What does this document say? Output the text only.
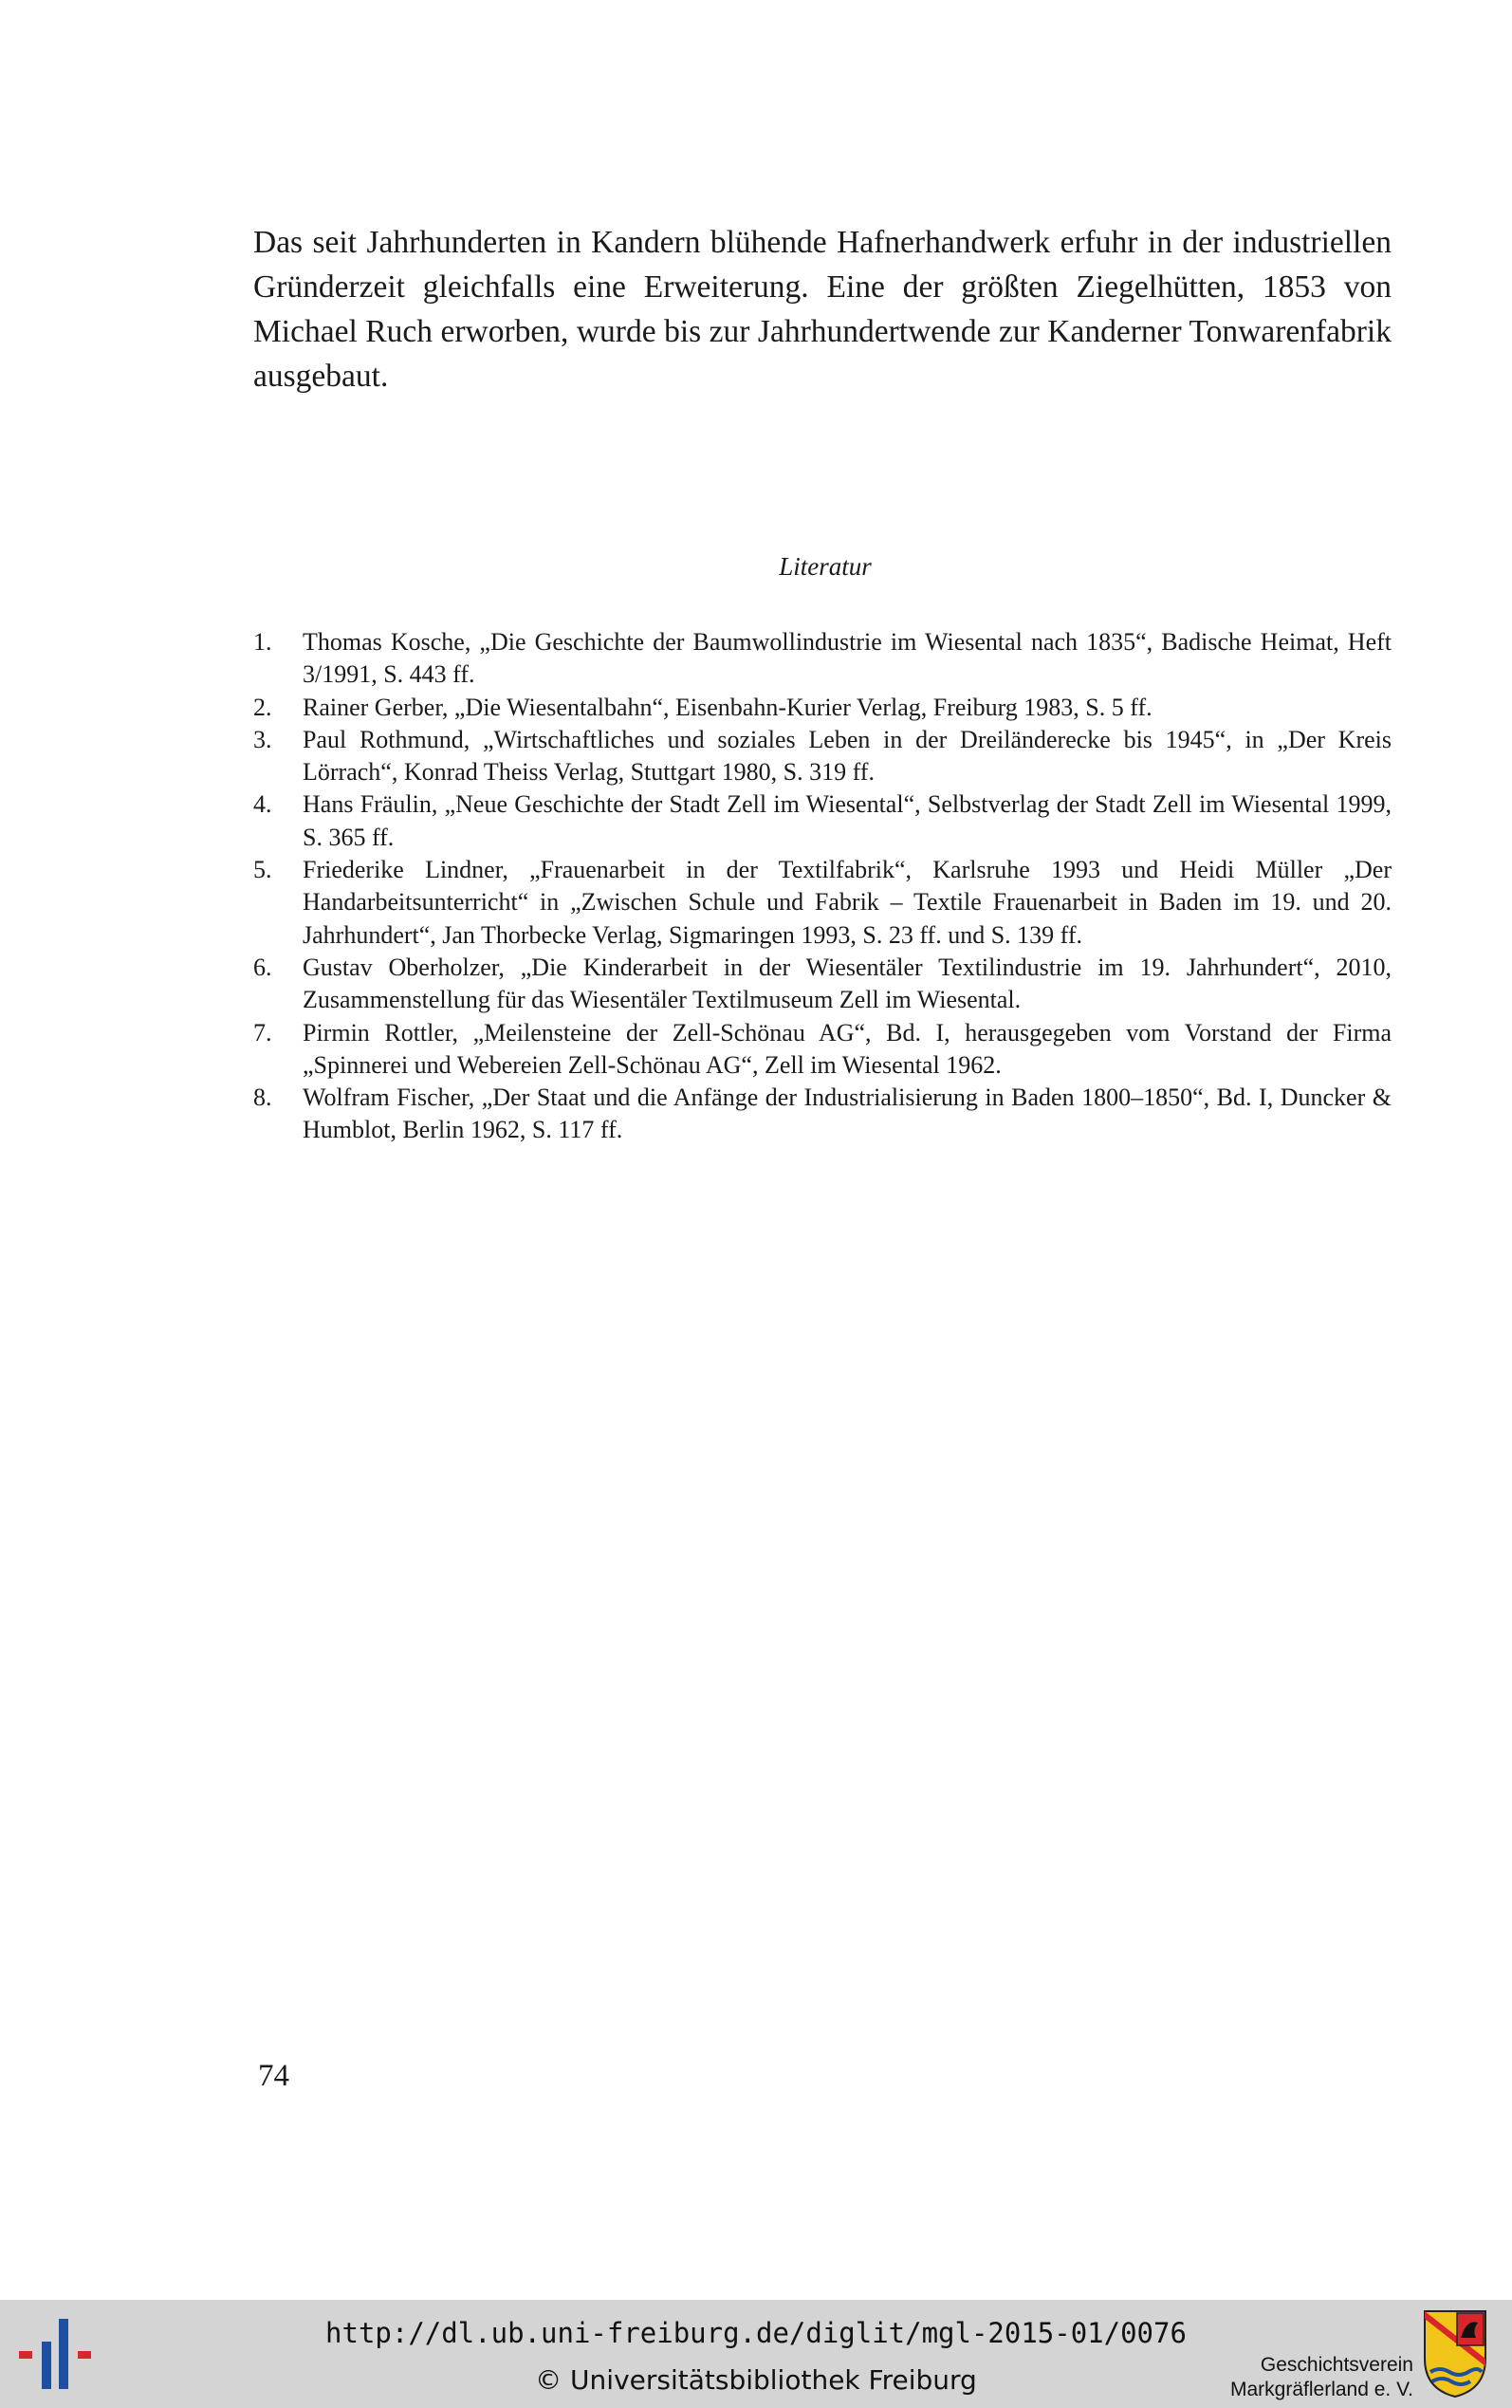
Das seit Jahrhunderten in Kandern blühende Hafnerhandwerk erfuhr in der industriellen Gründerzeit gleichfalls eine Erweiterung. Eine der größten Ziegelhütten, 1853 von Michael Ruch erworben, wurde bis zur Jahrhundertwende zur Kanderner Tonwarenfabrik ausgebaut.

Literatur

1. Thomas Kosche, „Die Geschichte der Baumwollindustrie im Wiesental nach 1835“, Badische Heimat, Heft 3/1991, S. 443 ff.
2. Rainer Gerber, „Die Wiesentalbahn“, Eisenbahn-Kurier Verlag, Freiburg 1983, S. 5 ff.
3. Paul Rothmund, „Wirtschaftliches und soziales Leben in der Dreiländerecke bis 1945“, in „Der Kreis Lörrach“, Konrad Theiss Verlag, Stuttgart 1980, S. 319 ff.
4. Hans Fräulin, „Neue Geschichte der Stadt Zell im Wiesental“, Selbstverlag der Stadt Zell im Wiesental 1999, S. 365 ff.
5. Friederike Lindner, „Frauenarbeit in der Textilfabrik“, Karlsruhe 1993 und Heidi Müller „Der Handarbeitsunterricht“ in „Zwischen Schule und Fabrik – Textile Frauenarbeit in Baden im 19. und 20. Jahrhundert“, Jan Thorbecke Verlag, Sigmaringen 1993, S. 23 ff. und S. 139 ff.
6. Gustav Oberholzer, „Die Kinderarbeit in der Wiesentäler Textilindustrie im 19. Jahrhundert“, 2010, Zusammenstellung für das Wiesentäler Textilmuseum Zell im Wiesental.
7. Pirmin Rottler, „Meilensteine der Zell-Schönau AG“, Bd. I, herausgegeben vom Vorstand der Firma „Spinnerei und Webereien Zell-Schönau AG“, Zell im Wiesental 1962.
8. Wolfram Fischer, „Der Staat und die Anfänge der Industrialisierung in Baden 1800–1850“, Bd. I, Duncker & Humblot, Berlin 1962, S. 117 ff.

74

http://dl.ub.uni-freiburg.de/diglit/mgl-2015-01/0076
© Universitätsbibliothek Freiburg	Geschichtsverein
Markgräflerland e. V.
